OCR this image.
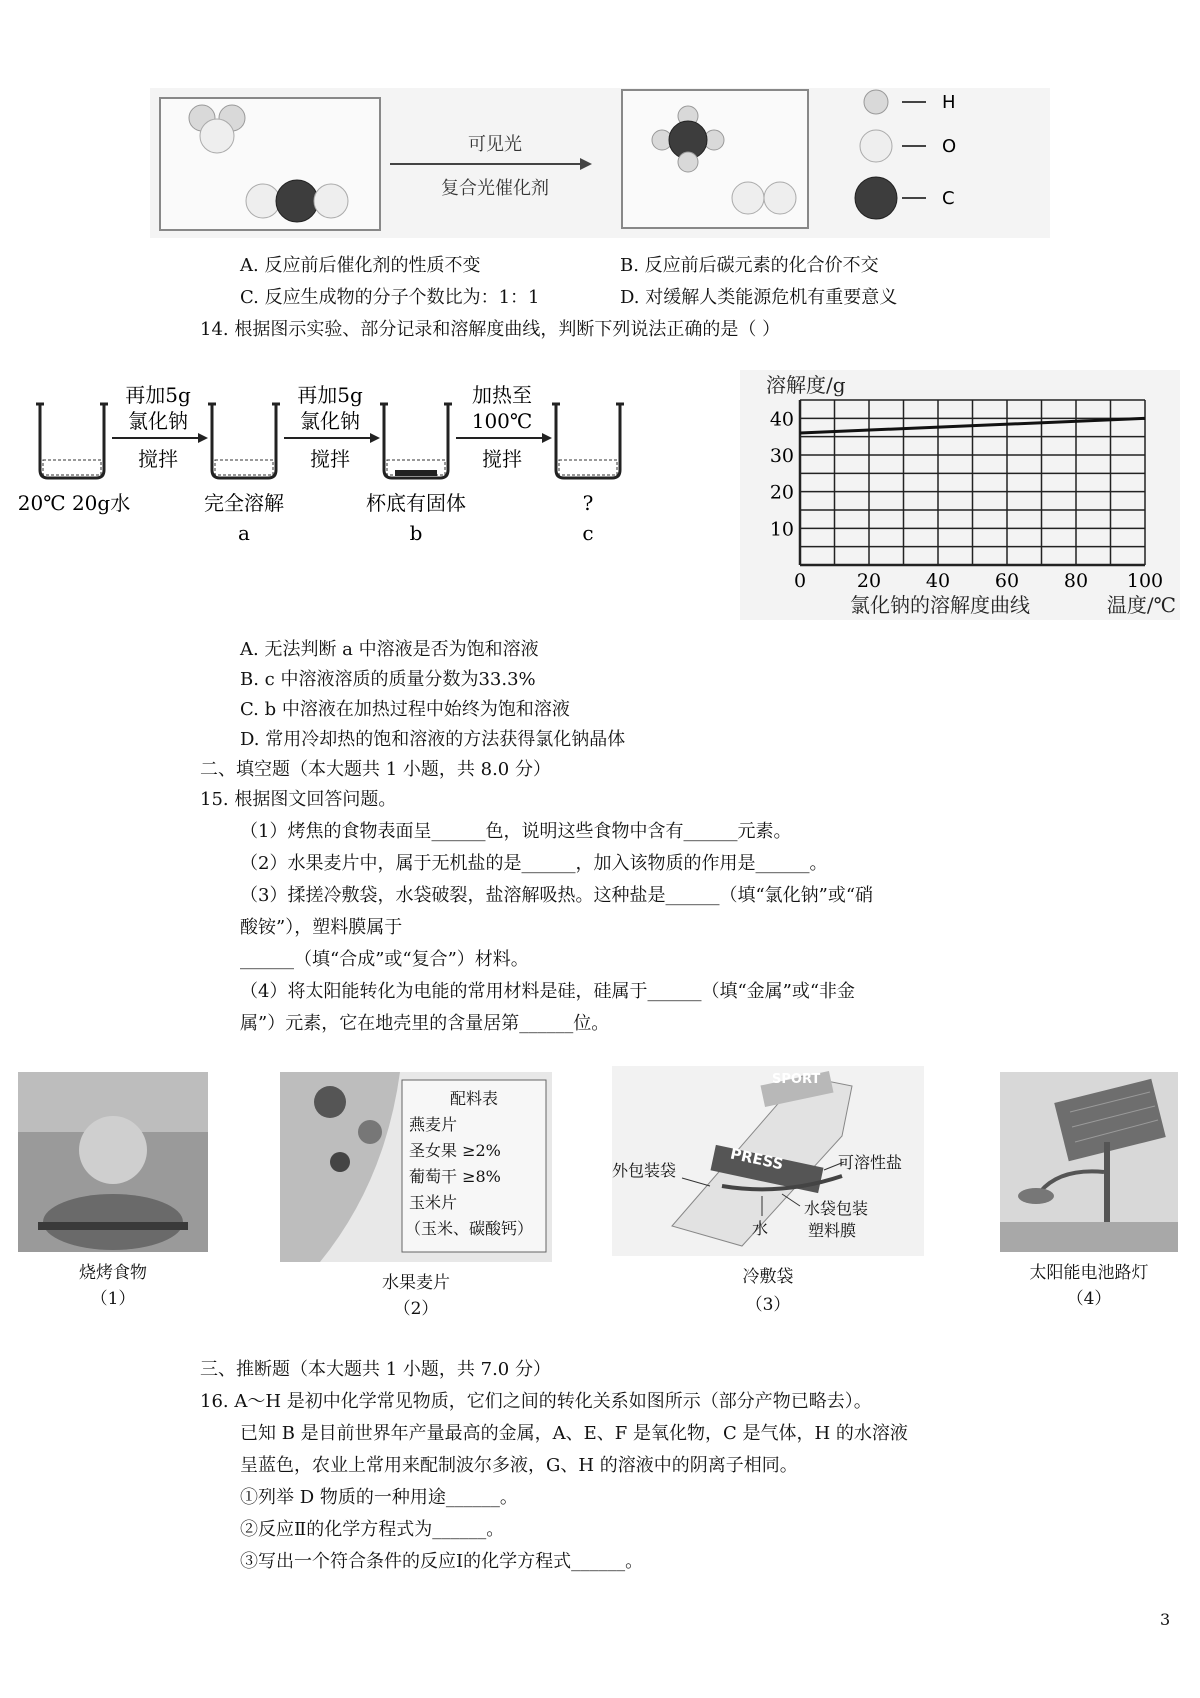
可见光
复合光催化剂
H
O
C
A. 反应前后催化剂的性质不变	B. 反应前后碳元素的化合价不交
C. 反应生成物的分子个数比为：1：1	D. 对缓解人类能源危机有重要意义
14. 根据图示实验、部分记录和溶解度曲线，判断下列说法正确的是（ ）
再加5g
氯化钠
搅拌
再加5g
氯化钠
搅拌
加热至
100℃
搅拌
20℃ 20g水	完全溶解	杯底有固体	?
a	b	c
0	20 40 60 80 100
10
20
30
40
溶解度/g
氯化钠的溶解度曲线	温度/℃
A. 无法判断 a 中溶液是否为饱和溶液
B. c 中溶液溶质的质量分数为33.3%
C. b 中溶液在加热过程中始终为饱和溶液
D. 常用冷却热的饱和溶液的方法获得氯化钠晶体
二、填空题（本大题共 1 小题，共 8.0 分）
15. 根据图文回答问题。
（1）烤焦的食物表面呈______色，说明这些食物中含有______元素。
（2）水果麦片中，属于无机盐的是______，加入该物质的作用是______。
（3）揉搓冷敷袋，水袋破裂，盐溶解吸热。这种盐是______（填“氯化钠”或“硝
酸铵”），塑料膜属于
______（填“合成”或“复合”）材料。
（4）将太阳能转化为电能的常用材料是硅，硅属于______（填“金属”或“非金
属”）元素，它在地壳里的含量居第______位。
烧烤食物
（1）
配料表
燕麦片
圣女果 ≥2%
葡萄干 ≥8%
玉米片
（玉米、碳酸钙）
水果麦片
（2）
SPORT
PRESS
外包装袋	可溶性盐
水袋包装
塑料膜
水
冷敷袋
（3）
太阳能电池路灯
（4）
三、推断题（本大题共 1 小题，共 7.0 分）
16. A～H 是初中化学常见物质，它们之间的转化关系如图所示（部分产物已略去）。
已知 B 是目前世界年产量最高的金属，A、E、F 是氧化物，C 是气体，H 的水溶液
呈蓝色，农业上常用来配制波尔多液，G、H 的溶液中的阴离子相同。
①列举 D 物质的一种用途______。
②反应Ⅱ的化学方程式为______。
③写出一个符合条件的反应Ⅰ的化学方程式______。
3
